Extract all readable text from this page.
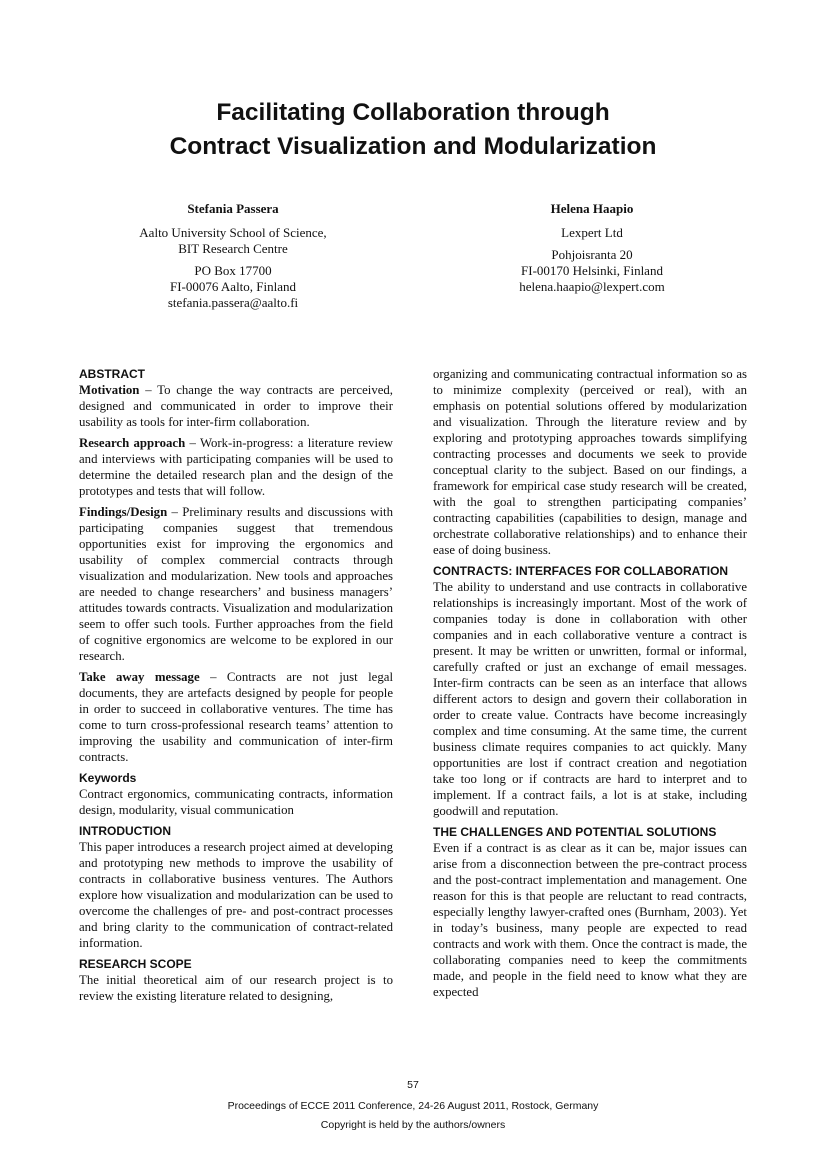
Facilitating Collaboration through
Contract Visualization and Modularization
Stefania Passera
Aalto University School of Science,
BIT Research Centre
PO Box 17700
FI-00076 Aalto, Finland
stefania.passera@aalto.fi
Helena Haapio
Lexpert Ltd
Pohjoisranta 20
FI-00170 Helsinki, Finland
helena.haapio@lexpert.com
ABSTRACT

Motivation – To change the way contracts are perceived, designed and communicated in order to improve their usability as tools for inter-firm collaboration.

Research approach – Work-in-progress: a literature review and interviews with participating companies will be used to determine the detailed research plan and the design of the prototypes and tests that will follow.

Findings/Design – Preliminary results and discussions with participating companies suggest that tremendous opportunities exist for improving the ergonomics and usability of complex commercial contracts through visualization and modularization. New tools and approaches are needed to change researchers’ and business managers’ attitudes towards contracts. Visualization and modularization seem to offer such tools. Further approaches from the field of cognitive ergonomics are welcome to be explored in our research.

Take away message – Contracts are not just legal documents, they are artefacts designed by people for people in order to succeed in collaborative ventures. The time has come to turn cross-professional research teams’ attention to improving the usability and communication of inter-firm contracts.

Keywords

Contract ergonomics, communicating contracts, information design, modularity, visual communication

INTRODUCTION

This paper introduces a research project aimed at developing and prototyping new methods to improve the usability of contracts in collaborative business ventures. The Authors explore how visualization and modularization can be used to overcome the challenges of pre- and post-contract processes and bring clarity to the communication of contract-related information.

RESEARCH SCOPE

The initial theoretical aim of our research project is to review the existing literature related to designing,

organizing and communicating contractual information so as to minimize complexity (perceived or real), with an emphasis on potential solutions offered by modularization and visualization. Through the literature review and by exploring and prototyping approaches towards simplifying contracting processes and documents we seek to provide conceptual clarity to the subject. Based on our findings, a framework for empirical case study research will be created, with the goal to strengthen participating companies’ contracting capabilities (capabilities to design, manage and orchestrate collaborative relationships) and to enhance their ease of doing business.

CONTRACTS: INTERFACES FOR COLLABORATION

The ability to understand and use contracts in collaborative relationships is increasingly important. Most of the work of companies today is done in collaboration with other companies and in each collaborative venture a contract is present. It may be written or unwritten, formal or informal, carefully crafted or just an exchange of email messages. Inter-firm contracts can be seen as an interface that allows different actors to design and govern their collaboration in order to create value. Contracts have become increasingly complex and time consuming. At the same time, the current business climate requires companies to act quickly. Many opportunities are lost if contract creation and negotiation take too long or if contracts are hard to interpret and to implement. If a contract fails, a lot is at stake, including goodwill and reputation.

THE CHALLENGES AND POTENTIAL SOLUTIONS

Even if a contract is as clear as it can be, major issues can arise from a disconnection between the pre-contract process and the post-contract implementation and management. One reason for this is that people are reluctant to read contracts, especially lengthy lawyer-crafted ones (Burnham, 2003). Yet in today’s business, many people are expected to read contracts and work with them. Once the contract is made, the collaborating companies need to keep the commitments made, and people in the field need to know what they are expected

57
Proceedings of ECCE 2011 Conference, 24-26 August 2011, Rostock, Germany
Copyright is held by the authors/owners
